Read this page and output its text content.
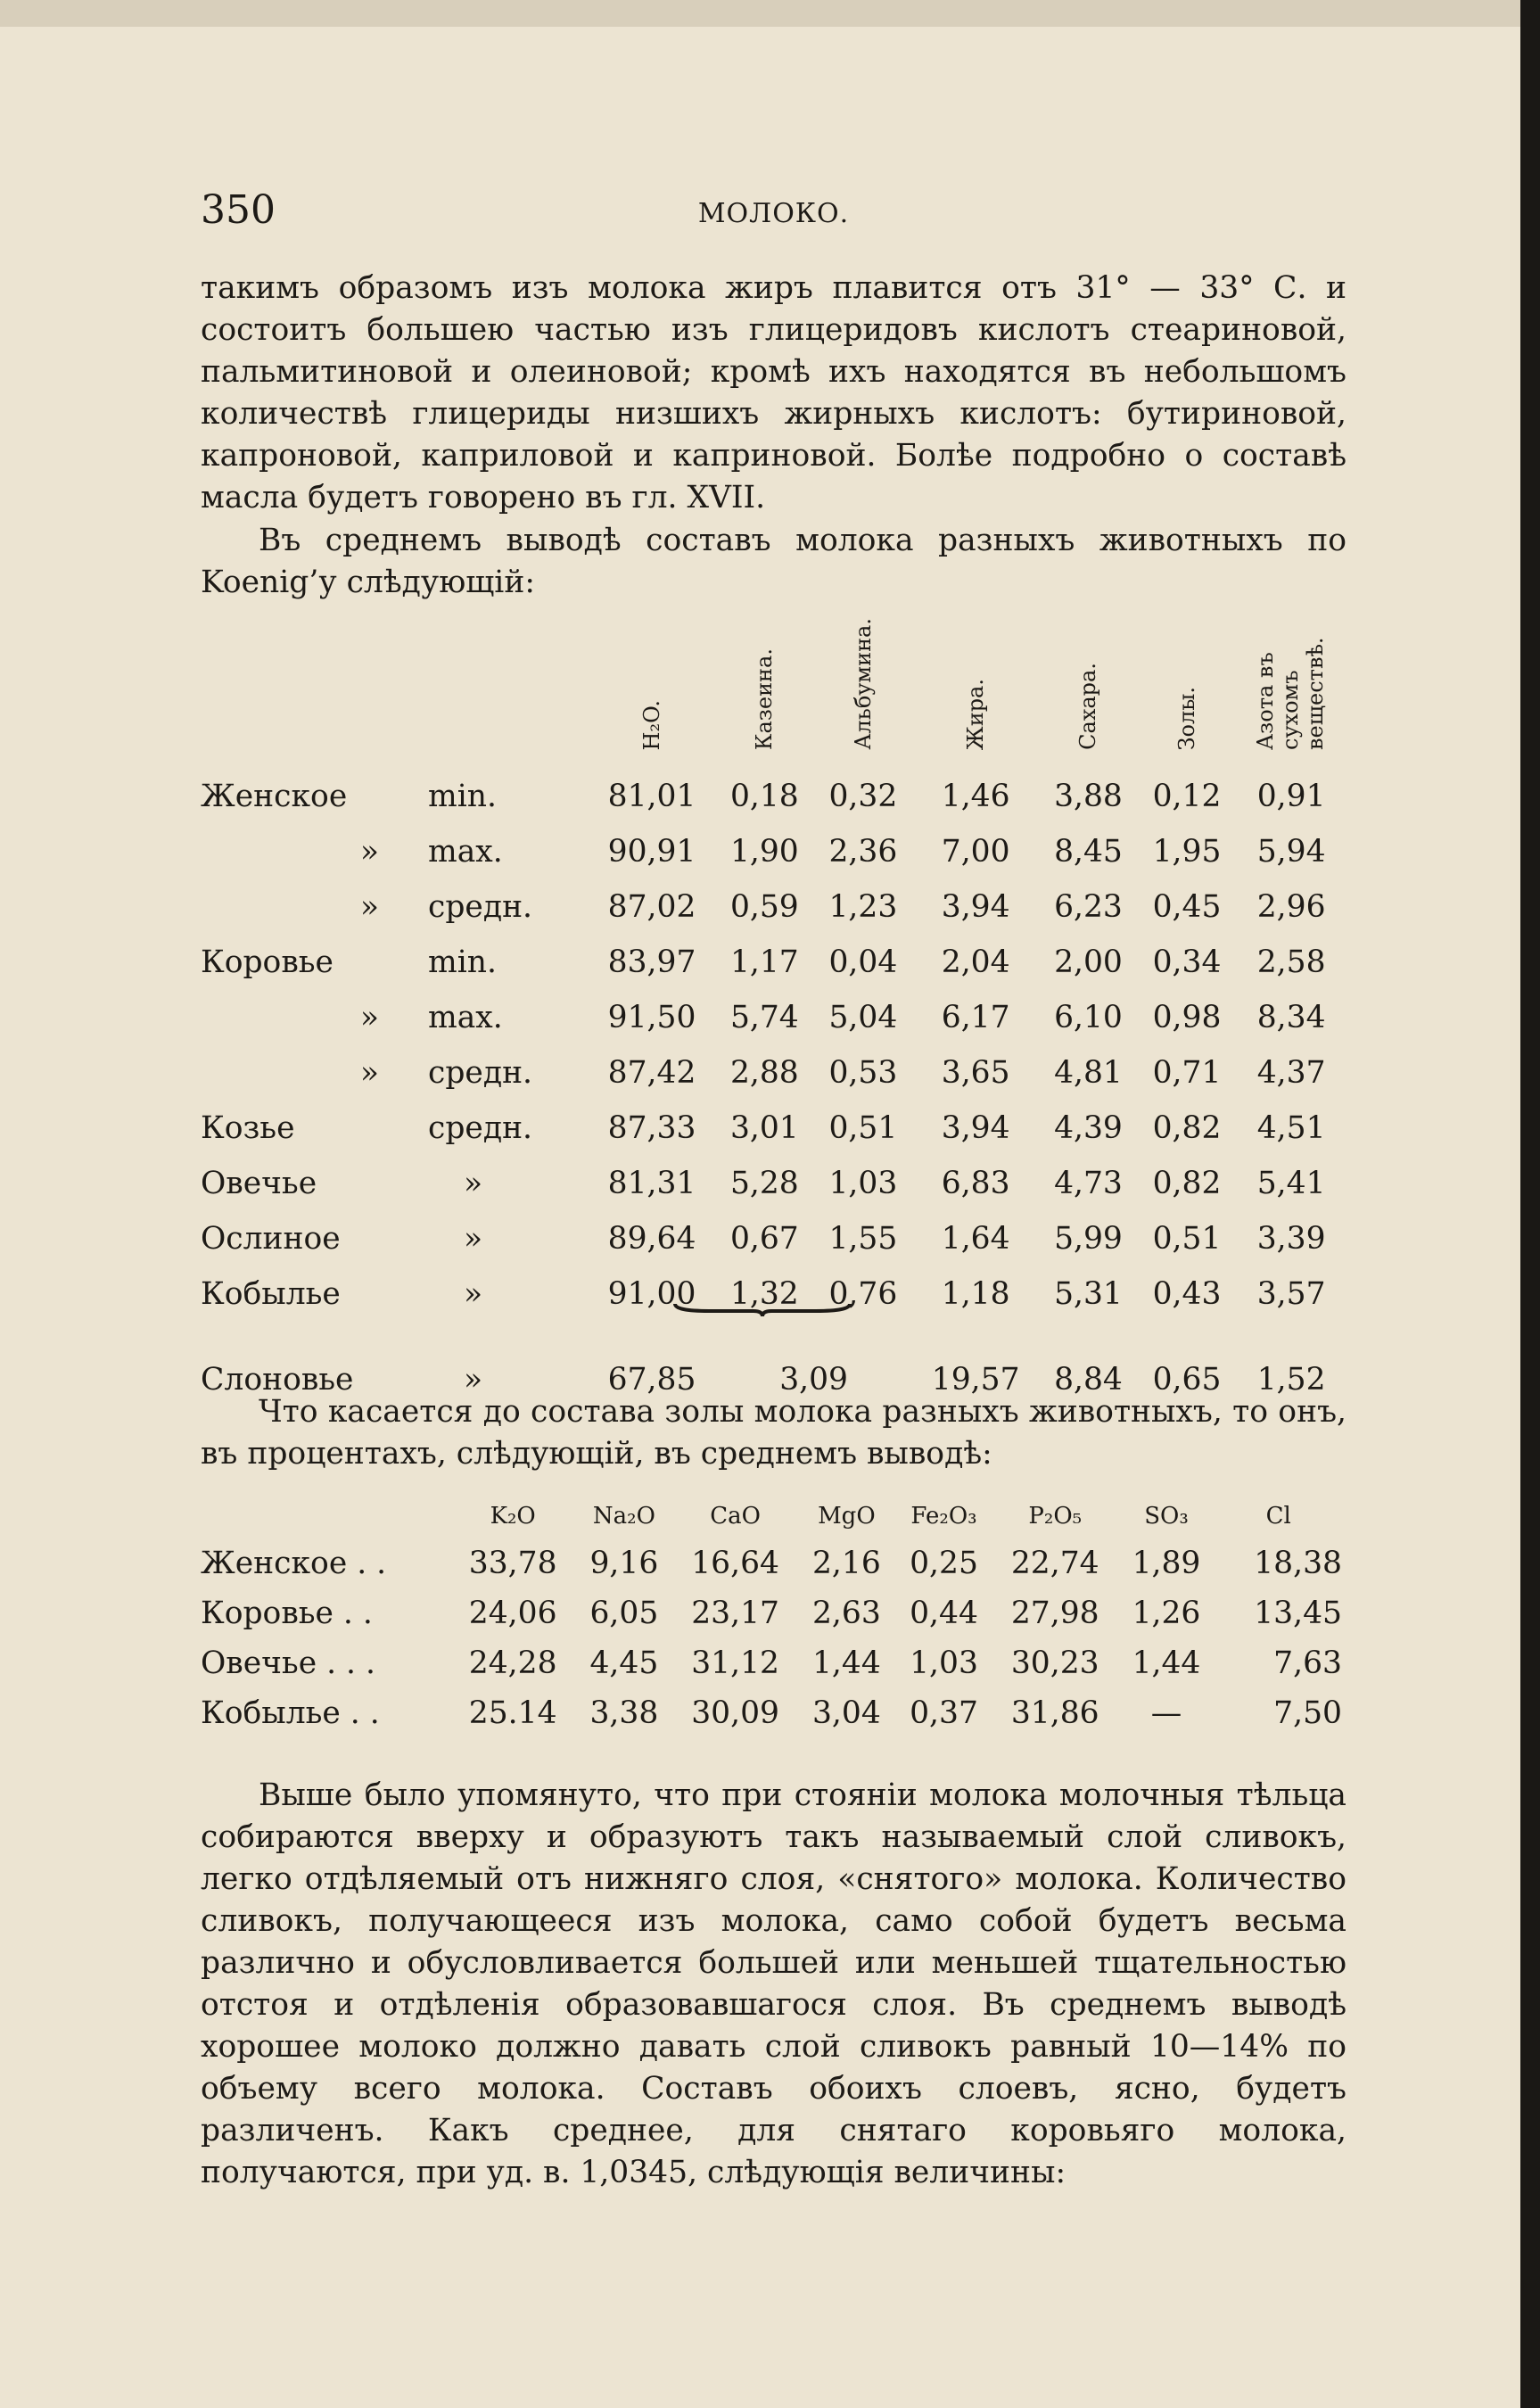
350	МОЛОКО.

такимъ образомъ изъ молока жиръ плавится отъ 31° — 33° С. и состоитъ большею частью изъ глицеридовъ кислотъ стеариновой, пальмитиновой и олеиновой; кромѣ ихъ находятся въ небольшомъ количествѣ глицериды низшихъ жирныхъ кислотъ: бутириновой, капроновой, каприловой и каприновой. Болѣе подробно о составѣ масла будетъ говорено въ гл. XVII.

Въ среднемъ выводѣ составъ молока разныхъ животныхъ по Koenig’у слѣдующій:

		H₂O.	Казеина.	Альбумина.	Жира.	Сахара.	Золы.	Азота въ сухомъ веществѣ.
Женское	min.	81,01	0,18	0,32	1,46	3,88	0,12	0,91
»	max.	90,91	1,90	2,36	7,00	8,45	1,95	5,94
»	средн.	87,02	0,59	1,23	3,94	6,23	0,45	2,96
Коровье	min.	83,97	1,17	0,04	2,04	2,00	0,34	2,58
»	max.	91,50	5,74	5,04	6,17	6,10	0,98	8,34
»	средн.	87,42	2,88	0,53	3,65	4,81	0,71	4,37
Козье	средн.	87,33	3,01	0,51	3,94	4,39	0,82	4,51
Овечье	»	81,31	5,28	1,03	6,83	4,73	0,82	5,41
Ослиное	»	89,64	0,67	1,55	1,64	5,99	0,51	3,39
Кобылье	»	91,00	1,32	0,76	1,18	5,31	0,43	3,57

Слоновье	»	67,85	3,09		19,57	8,84	0,65	1,52

Что касается до состава золы молока разныхъ животныхъ, то онъ, въ процентахъ, слѣдующій, въ среднемъ выводѣ:

	K₂O	Na₂O	CaO	MgO	Fe₂O₃	P₂O₅	SO₃	Cl
Женское . .	33,78	9,16	16,64	2,16	0,25	22,74	1,89	18,38
Коровье . .	24,06	6,05	23,17	2,63	0,44	27,98	1,26	13,45
Овечье . . .	24,28	4,45	31,12	1,44	1,03	30,23	1,44	7,63
Кобылье . .	25.14	3,38	30,09	3,04	0,37	31,86	—	7,50

Выше было упомянуто, что при стоянiи молока молочныя тѣльца собираются вверху и образуютъ такъ называемый слой сливокъ, легко отдѣляемый отъ нижняго слоя, «снятого» молока. Количество сливокъ, получающееся изъ молока, само собой будетъ весьма различно и обусловливается большей или меньшей тщательностью отстоя и отдѣленiя образовавшагося слоя. Въ среднемъ выводѣ хорошее молоко должно давать слой сливокъ равный 10—14% по объему всего молока. Составъ обоихъ слоевъ, ясно, будетъ различенъ. Какъ среднее, для снятаго коровьяго молока, получаются, при уд. в. 1,0345, слѣдующiя величины:
